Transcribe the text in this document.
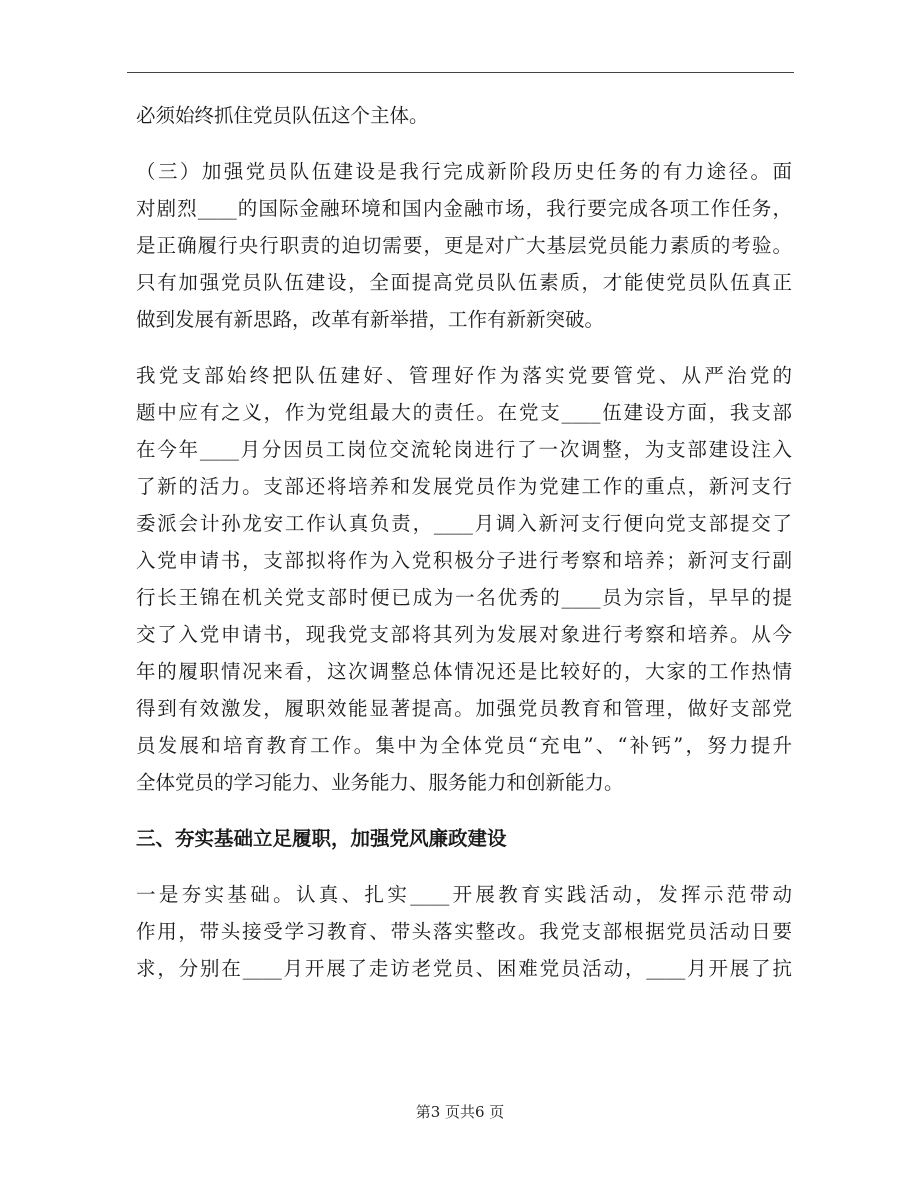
必须始终抓住党员队伍这个主体。
（三）加强党员队伍建设是我行完成新阶段历史任务的有力途径。面
对剧烈____的国际金融环境和国内金融市场，我行要完成各项工作任务，
是正确履行央行职责的迫切需要，更是对广大基层党员能力素质的考验。
只有加强党员队伍建设，全面提高党员队伍素质，才能使党员队伍真正
做到发展有新思路，改革有新举措，工作有新新突破。
我党支部始终把队伍建好、管理好作为落实党要管党、从严治党的
题中应有之义，作为党组最大的责任。在党支____伍建设方面，我支部
在今年____月分因员工岗位交流轮岗进行了一次调整，为支部建设注入
了新的活力。支部还将培养和发展党员作为党建工作的重点，新河支行
委派会计孙龙安工作认真负责，____月调入新河支行便向党支部提交了
入党申请书，支部拟将作为入党积极分子进行考察和培养；新河支行副
行长王锦在机关党支部时便已成为一名优秀的____员为宗旨，早早的提
交了入党申请书，现我党支部将其列为发展对象进行考察和培养。从今
年的履职情况来看，这次调整总体情况还是比较好的，大家的工作热情
得到有效激发，履职效能显著提高。加强党员教育和管理，做好支部党
员发展和培育教育工作。集中为全体党员“充电”、“补钙”，努力提升
全体党员的学习能力、业务能力、服务能力和创新能力。
三、夯实基础立足履职，加强党风廉政建设
一是夯实基础。认真、扎实____开展教育实践活动，发挥示范带动
作用，带头接受学习教育、带头落实整改。我党支部根据党员活动日要
求，分别在____月开展了走访老党员、困难党员活动，____月开展了抗
第3 页共6 页
